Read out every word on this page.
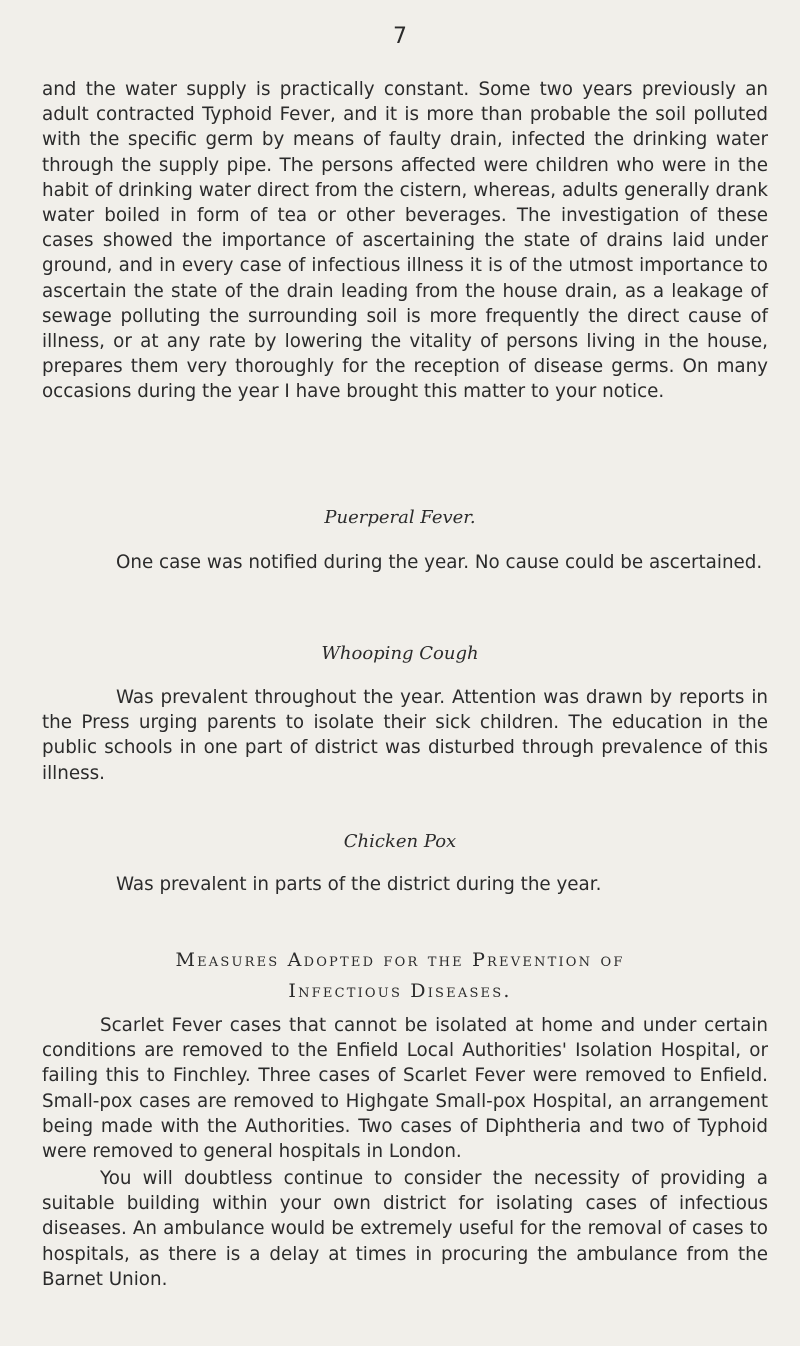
7

and the water supply is practically constant. Some two years previously an adult contracted Typhoid Fever, and it is more than probable the soil polluted with the specific germ by means of faulty drain, infected the drinking water through the supply pipe. The persons affected were children who were in the habit of drinking water direct from the cistern, whereas, adults generally drank water boiled in form of tea or other beverages. The investigation of these cases showed the importance of ascertaining the state of drains laid under ground, and in every case of infectious illness it is of the utmost importance to ascertain the state of the drain leading from the house drain, as a leakage of sewage polluting the surrounding soil is more frequently the direct cause of illness, or at any rate by lowering the vitality of persons living in the house, prepares them very thoroughly for the reception of disease germs. On many occasions during the year I have brought this matter to your notice.

Puerperal Fever.

One case was notified during the year. No cause could be ascertained.

Whooping Cough

Was prevalent throughout the year. Attention was drawn by reports in the Press urging parents to isolate their sick children. The education in the public schools in one part of district was disturbed through prevalence of this illness.

Chicken Pox

Was prevalent in parts of the district during the year.

Measures Adopted for the Prevention of

Infectious Diseases.

Scarlet Fever cases that cannot be isolated at home and under certain conditions are removed to the Enfield Local Authorities' Isolation Hospital, or failing this to Finchley. Three cases of Scarlet Fever were removed to Enfield. Small-pox cases are removed to Highgate Small-pox Hospital, an arrangement being made with the Authorities. Two cases of Diphtheria and two of Typhoid were removed to general hospitals in London.

You will doubtless continue to consider the necessity of providing a suitable building within your own district for isolating cases of infectious diseases. An ambulance would be extremely useful for the removal of cases to hospitals, as there is a delay at times in procuring the ambulance from the Barnet Union.
